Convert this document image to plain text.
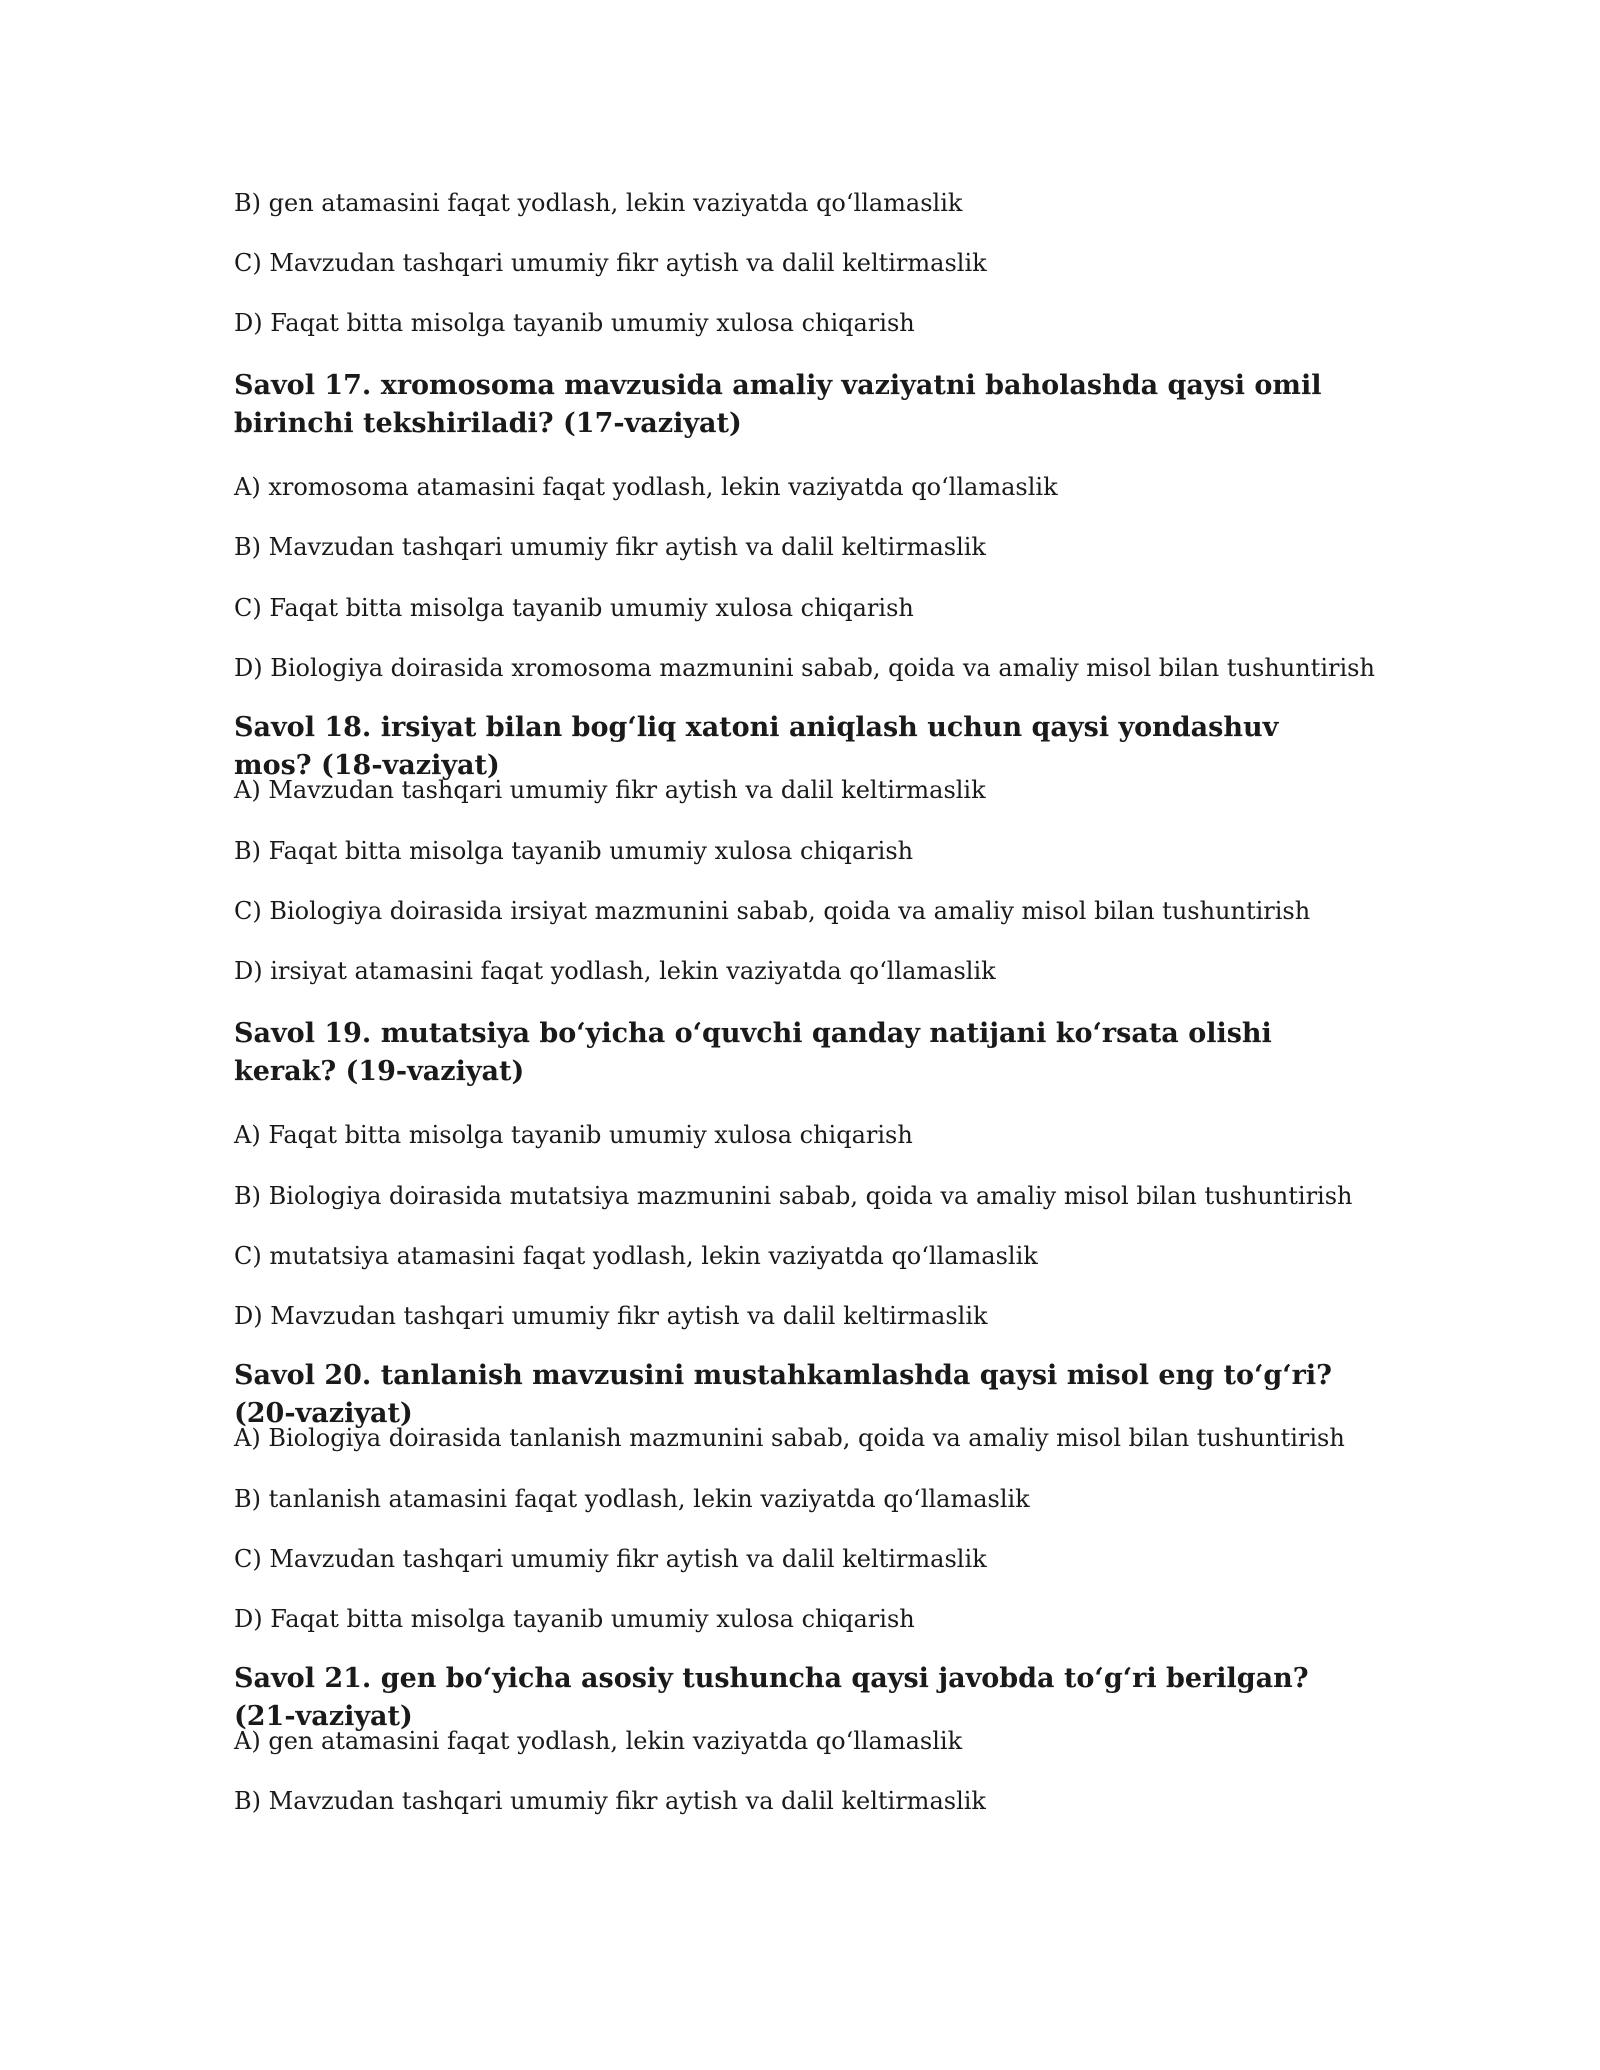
B) gen atamasini faqat yodlash, lekin vaziyatda qoʻllamaslik

C) Mavzudan tashqari umumiy fikr aytish va dalil keltirmaslik

D) Faqat bitta misolga tayanib umumiy xulosa chiqarish

Savol 17. xromosoma mavzusida amaliy vaziyatni baholashda qaysi omil birinchi tekshiriladi? (17-vaziyat)

A) xromosoma atamasini faqat yodlash, lekin vaziyatda qoʻllamaslik

B) Mavzudan tashqari umumiy fikr aytish va dalil keltirmaslik

C) Faqat bitta misolga tayanib umumiy xulosa chiqarish

D) Biologiya doirasida xromosoma mazmunini sabab, qoida va amaliy misol bilan tushuntirish

Savol 18. irsiyat bilan bogʻliq xatoni aniqlash uchun qaysi yondashuv mos? (18-vaziyat)

A) Mavzudan tashqari umumiy fikr aytish va dalil keltirmaslik

B) Faqat bitta misolga tayanib umumiy xulosa chiqarish

C) Biologiya doirasida irsiyat mazmunini sabab, qoida va amaliy misol bilan tushuntirish

D) irsiyat atamasini faqat yodlash, lekin vaziyatda qoʻllamaslik

Savol 19. mutatsiya boʻyicha oʻquvchi qanday natijani koʻrsata olishi kerak? (19-vaziyat)

A) Faqat bitta misolga tayanib umumiy xulosa chiqarish

B) Biologiya doirasida mutatsiya mazmunini sabab, qoida va amaliy misol bilan tushuntirish

C) mutatsiya atamasini faqat yodlash, lekin vaziyatda qoʻllamaslik

D) Mavzudan tashqari umumiy fikr aytish va dalil keltirmaslik

Savol 20. tanlanish mavzusini mustahkamlashda qaysi misol eng toʻgʻri? (20-vaziyat)

A) Biologiya doirasida tanlanish mazmunini sabab, qoida va amaliy misol bilan tushuntirish

B) tanlanish atamasini faqat yodlash, lekin vaziyatda qoʻllamaslik

C) Mavzudan tashqari umumiy fikr aytish va dalil keltirmaslik

D) Faqat bitta misolga tayanib umumiy xulosa chiqarish

Savol 21. gen boʻyicha asosiy tushuncha qaysi javobda toʻgʻri berilgan? (21-vaziyat)

A) gen atamasini faqat yodlash, lekin vaziyatda qoʻllamaslik

B) Mavzudan tashqari umumiy fikr aytish va dalil keltirmaslik
